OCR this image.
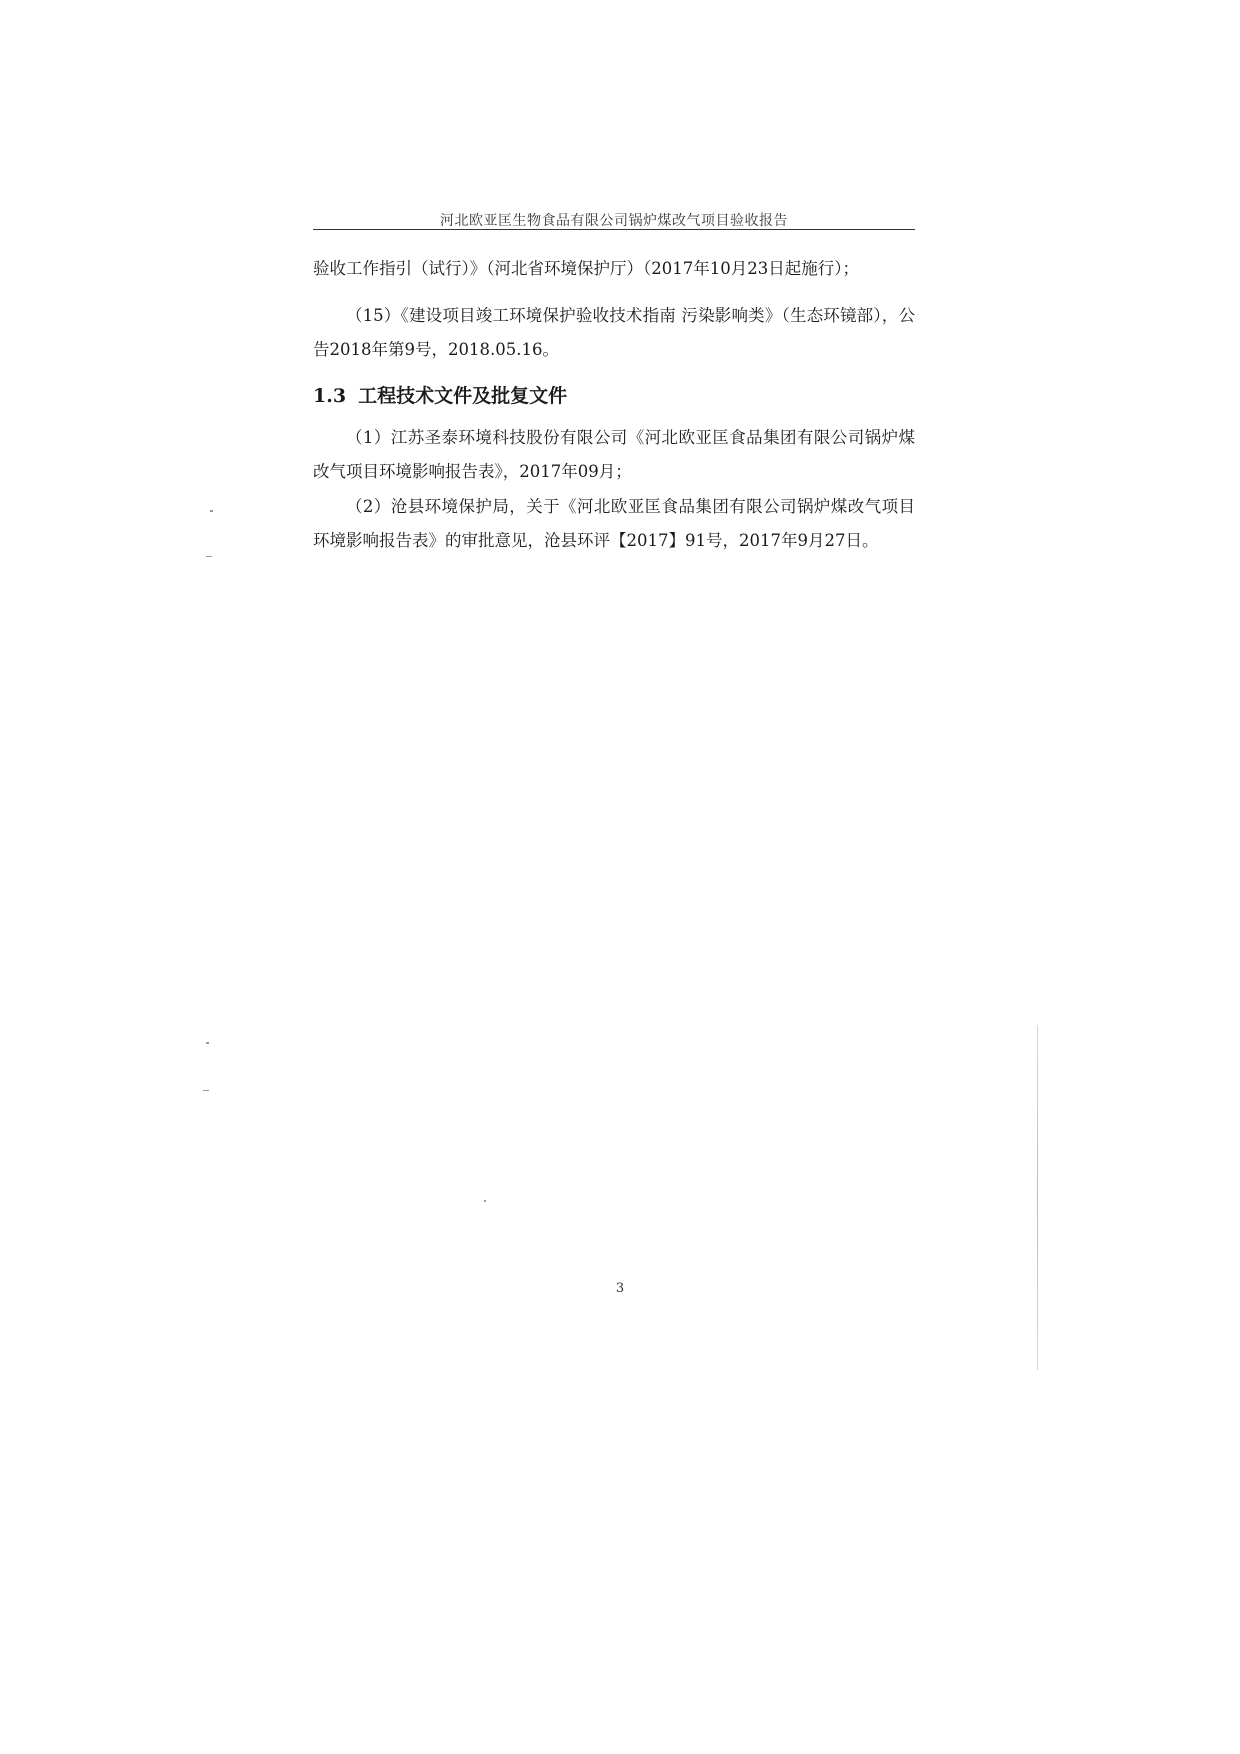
河北欧亚匡生物食品有限公司锅炉煤改气项目验收报告

验收工作指引（试行）》（河北省环境保护厅）（2017年10月23日起施行）；

（15）《建设项目竣工环境保护验收技术指南 污染影响类》（生态环镜部），公告2018年第9号，2018.05.16。

1.3 工程技术文件及批复文件

（1）江苏圣泰环境科技股份有限公司《河北欧亚匡食品集团有限公司锅炉煤改气项目环境影响报告表》，2017年09月；

（2）沧县环境保护局，关于《河北欧亚匡食品集团有限公司锅炉煤改气项目环境影响报告表》的审批意见，沧县环评【2017】91号，2017年9月27日。

3
